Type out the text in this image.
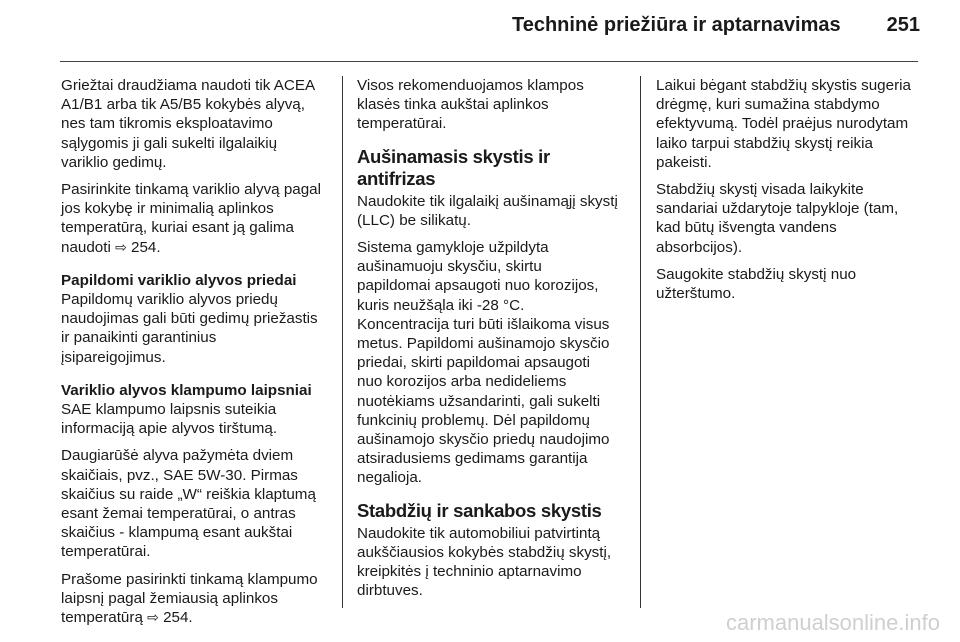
Techninė priežiūra ir aptarnavimas 251

Griežtai draudžiama naudoti tik ACEA A1/B1 arba tik A5/B5 kokybės alyvą, nes tam tikromis eksploatavimo sąlygomis ji gali sukelti ilgalaikių variklio gedimų.

Pasirinkite tinkamą variklio alyvą pagal jos kokybę ir minimalią aplinkos temperatūrą, kuriai esant ją galima naudoti ⇨ 254.

Papildomi variklio alyvos priedai

Papildomų variklio alyvos priedų naudojimas gali būti gedimų priežastis ir panaikinti garantinius įsipareigojimus.

Variklio alyvos klampumo laipsniai

SAE klampumo laipsnis suteikia informaciją apie alyvos tirštumą.

Daugiarūšė alyva pažymėta dviem skaičiais, pvz., SAE 5W-30. Pirmas skaičius su raide „W“ reiškia klaptumą esant žemai temperatūrai, o antras skaičius - klampumą esant aukštai temperatūrai.

Prašome pasirinkti tinkamą klampumo laipsnį pagal žemiausią aplinkos temperatūrą ⇨ 254.

Visos rekomenduojamos klampos klasės tinka aukštai aplinkos temperatūrai.

Aušinamasis skystis ir antifrizas

Naudokite tik ilgalaikį aušinamąjį skystį (LLC) be silikatų.

Sistema gamykloje užpildyta aušinamuoju skysčiu, skirtu papildomai apsaugoti nuo korozijos, kuris neužšąla iki -28 °C. Koncentracija turi būti išlaikoma visus metus. Papildomi aušinamojo skysčio priedai, skirti papildomai apsaugoti nuo korozijos arba nedideliems nuotėkiams užsandarinti, gali sukelti funkcinių problemų. Dėl papildomų aušinamojo skysčio priedų naudojimo atsiradusiems gedimams garantija negalioja.

Stabdžių ir sankabos skystis

Naudokite tik automobiliui patvirtintą aukščiausios kokybės stabdžių skystį, kreipkitės į techninio aptarnavimo dirbtuves.

Laikui bėgant stabdžių skystis sugeria drėgmę, kuri sumažina stabdymo efektyvumą. Todėl praėjus nurodytam laiko tarpui stabdžių skystį reikia pakeisti.

Stabdžių skystį visada laikykite sandariai uždarytoje talpykloje (tam, kad būtų išvengta vandens absorbcijos).

Saugokite stabdžių skystį nuo užterštumo.

carmanualsonline.info
